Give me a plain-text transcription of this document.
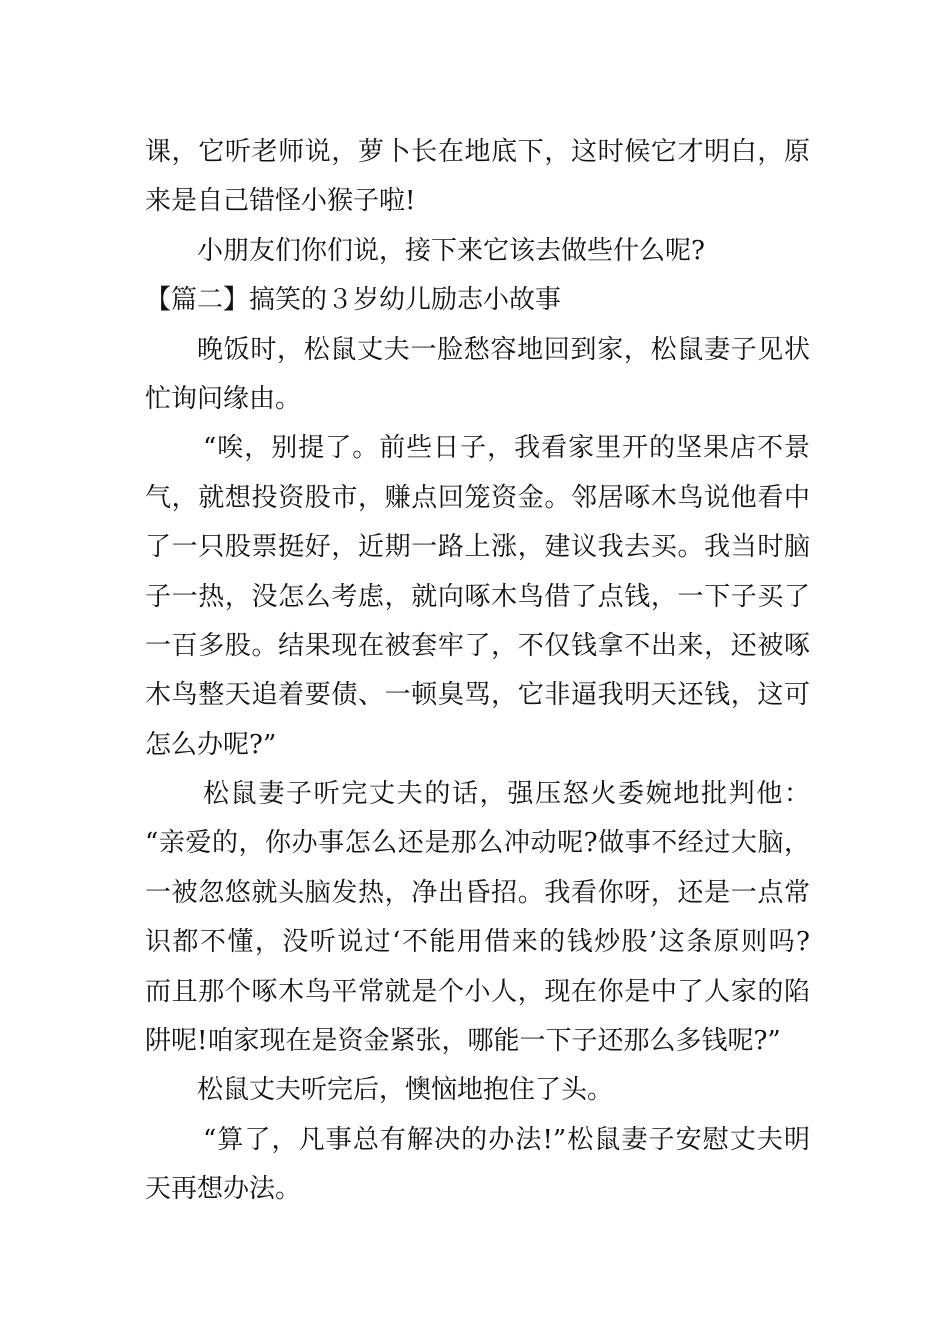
课，它听老师说，萝卜长在地底下，这时候它才明白，原
来是自己错怪小猴子啦!
小朋友们你们说，接下来它该去做些什么呢?
【篇二】搞笑的３岁幼儿励志小故事
晚饭时，松鼠丈夫一脸愁容地回到家，松鼠妻子见状
忙询问缘由。
“唉，别提了。前些日子，我看家里开的坚果店不景
气，就想投资股市，赚点回笼资金。邻居啄木鸟说他看中
了一只股票挺好，近期一路上涨，建议我去买。我当时脑
子一热，没怎么考虑，就向啄木鸟借了点钱，一下子买了
一百多股。结果现在被套牢了，不仅钱拿不出来，还被啄
木鸟整天追着要债、一顿臭骂，它非逼我明天还钱，这可
怎么办呢?”
松鼠妻子听完丈夫的话，强压怒火委婉地批判他：
“亲爱的，你办事怎么还是那么冲动呢?做事不经过大脑，
一被忽悠就头脑发热，净出昏招。我看你呀，还是一点常
识都不懂，没听说过‘不能用借来的钱炒股’这条原则吗?
而且那个啄木鸟平常就是个小人，现在你是中了人家的陷
阱呢!咱家现在是资金紧张，哪能一下子还那么多钱呢?”
松鼠丈夫听完后，懊恼地抱住了头。
“算了，凡事总有解决的办法!”松鼠妻子安慰丈夫明
天再想办法。
